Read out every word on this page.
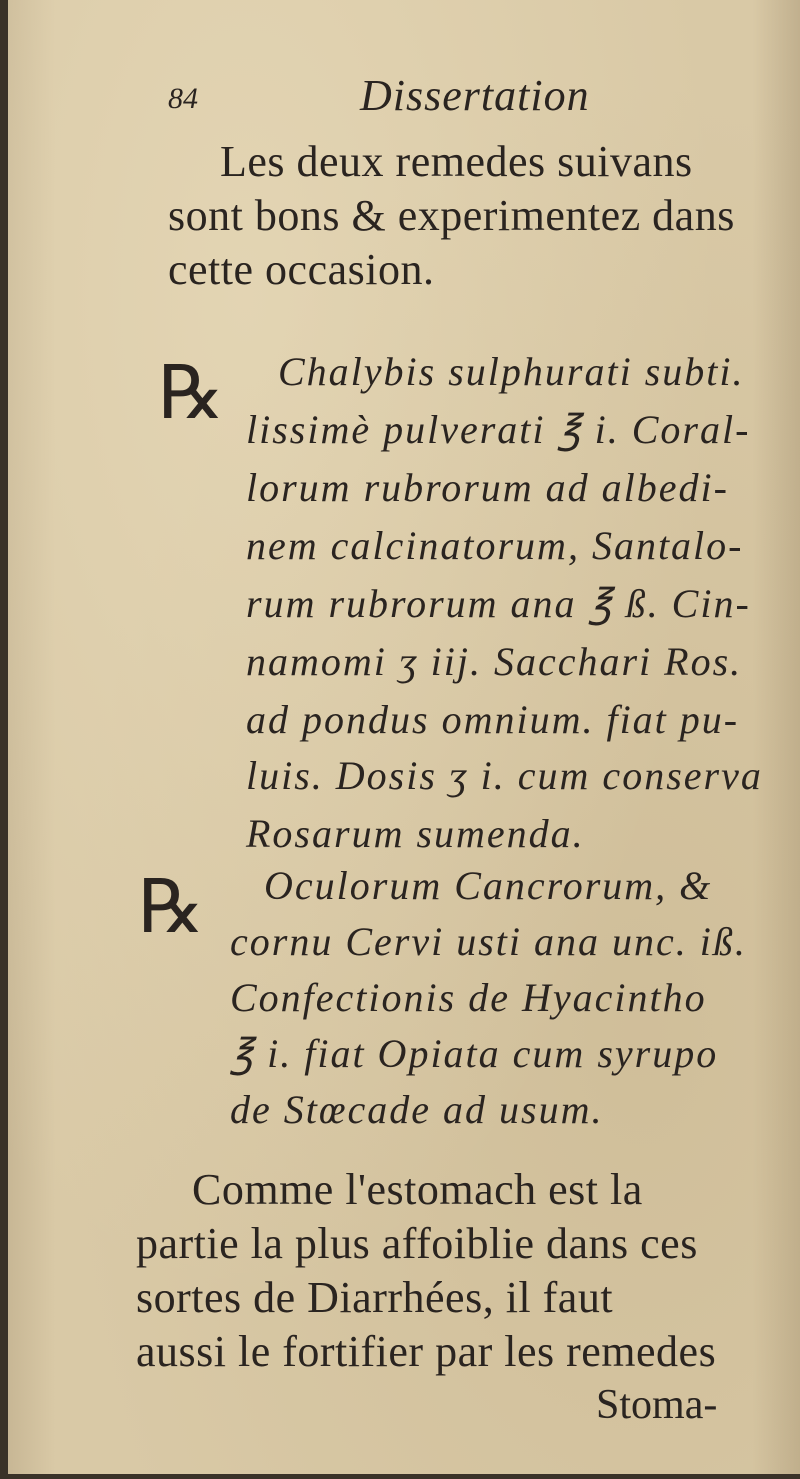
84	Dissertation
Les deux remedes suivans
sont bons & experimentez dans
cette occasion.
℞ Chalybis sulphurati subti.
lissimè pulverati ℥ i. Coral-
lorum rubrorum ad albedi-
nem calcinatorum, Santalo-
rum rubrorum ana ℥ ß. Cin-
namomi ʒ iij. Sacchari Ros.
ad pondus omnium. fiat pu-
luis. Dosis ʒ i. cum conserva
Rosarum sumenda.
℞ Oculorum Cancrorum, &
cornu Cervi usti ana unc. iß.
Confectionis de Hyacintho
℥ i. fiat Opiata cum syrupo
de Stœcade ad usum.
Comme l'estomach est la
partie la plus affoiblie dans ces
sortes de Diarrhées, il faut
aussi le fortifier par les remedes
Stoma-
